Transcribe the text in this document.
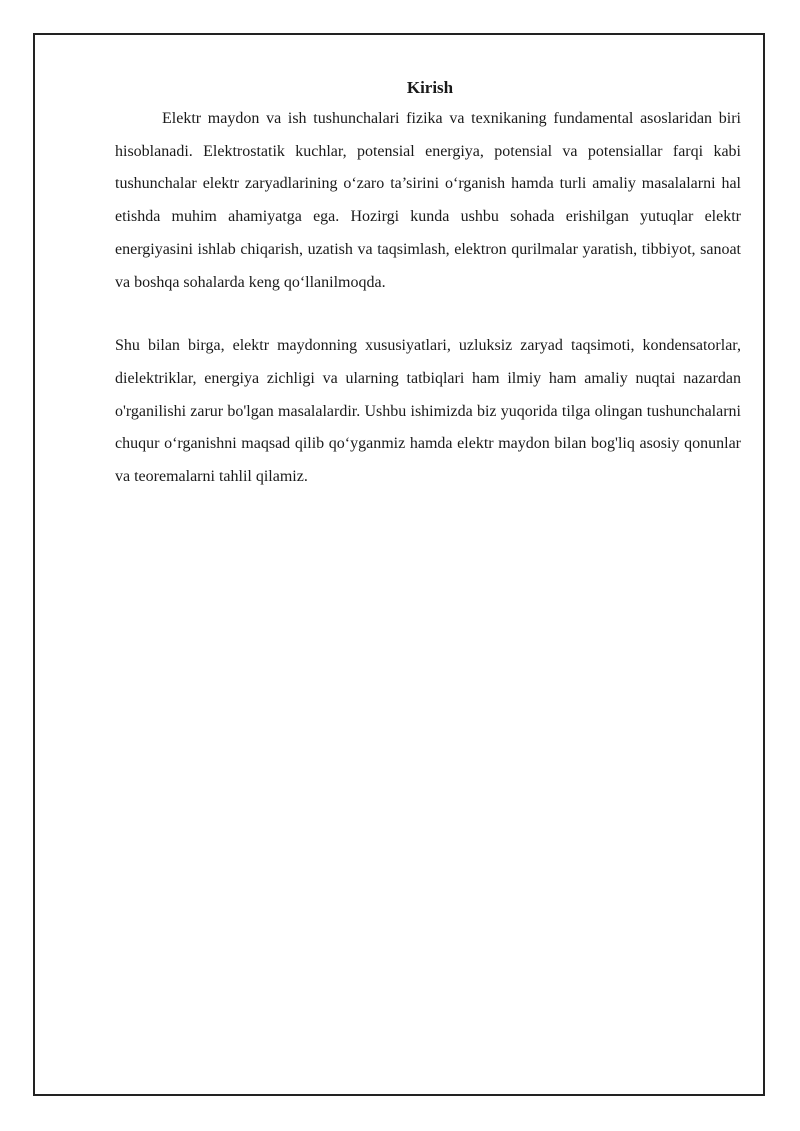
Kirish

Elektr maydon va ish tushunchalari fizika va texnikaning fundamental asoslaridan biri hisoblanadi. Elektrostatik kuchlar, potensial energiya, potensial va potensiallar farqi kabi tushunchalar elektr zaryadlarining o‘zaro ta’sirini o‘rganish hamda turli amaliy masalalarni hal etishda muhim ahamiyatga ega. Hozirgi kunda ushbu sohada erishilgan yutuqlar elektr energiyasini ishlab chiqarish, uzatish va taqsimlash, elektron qurilmalar yaratish, tibbiyot, sanoat va boshqa sohalarda keng qo‘llanilmoqda.

Shu bilan birga, elektr maydonning xususiyatlari, uzluksiz zaryad taqsimoti, kondensatorlar, dielektriklar, energiya zichligi va ularning tatbiqlari ham ilmiy ham amaliy nuqtai nazardan o'rganilishi zarur bo'lgan masalalardir. Ushbu ishimizda biz yuqorida tilga olingan tushunchalarni chuqur o‘rganishni maqsad qilib qo‘yganmiz hamda elektr maydon bilan bog'liq asosiy qonunlar va teoremalarni tahlil qilamiz.
